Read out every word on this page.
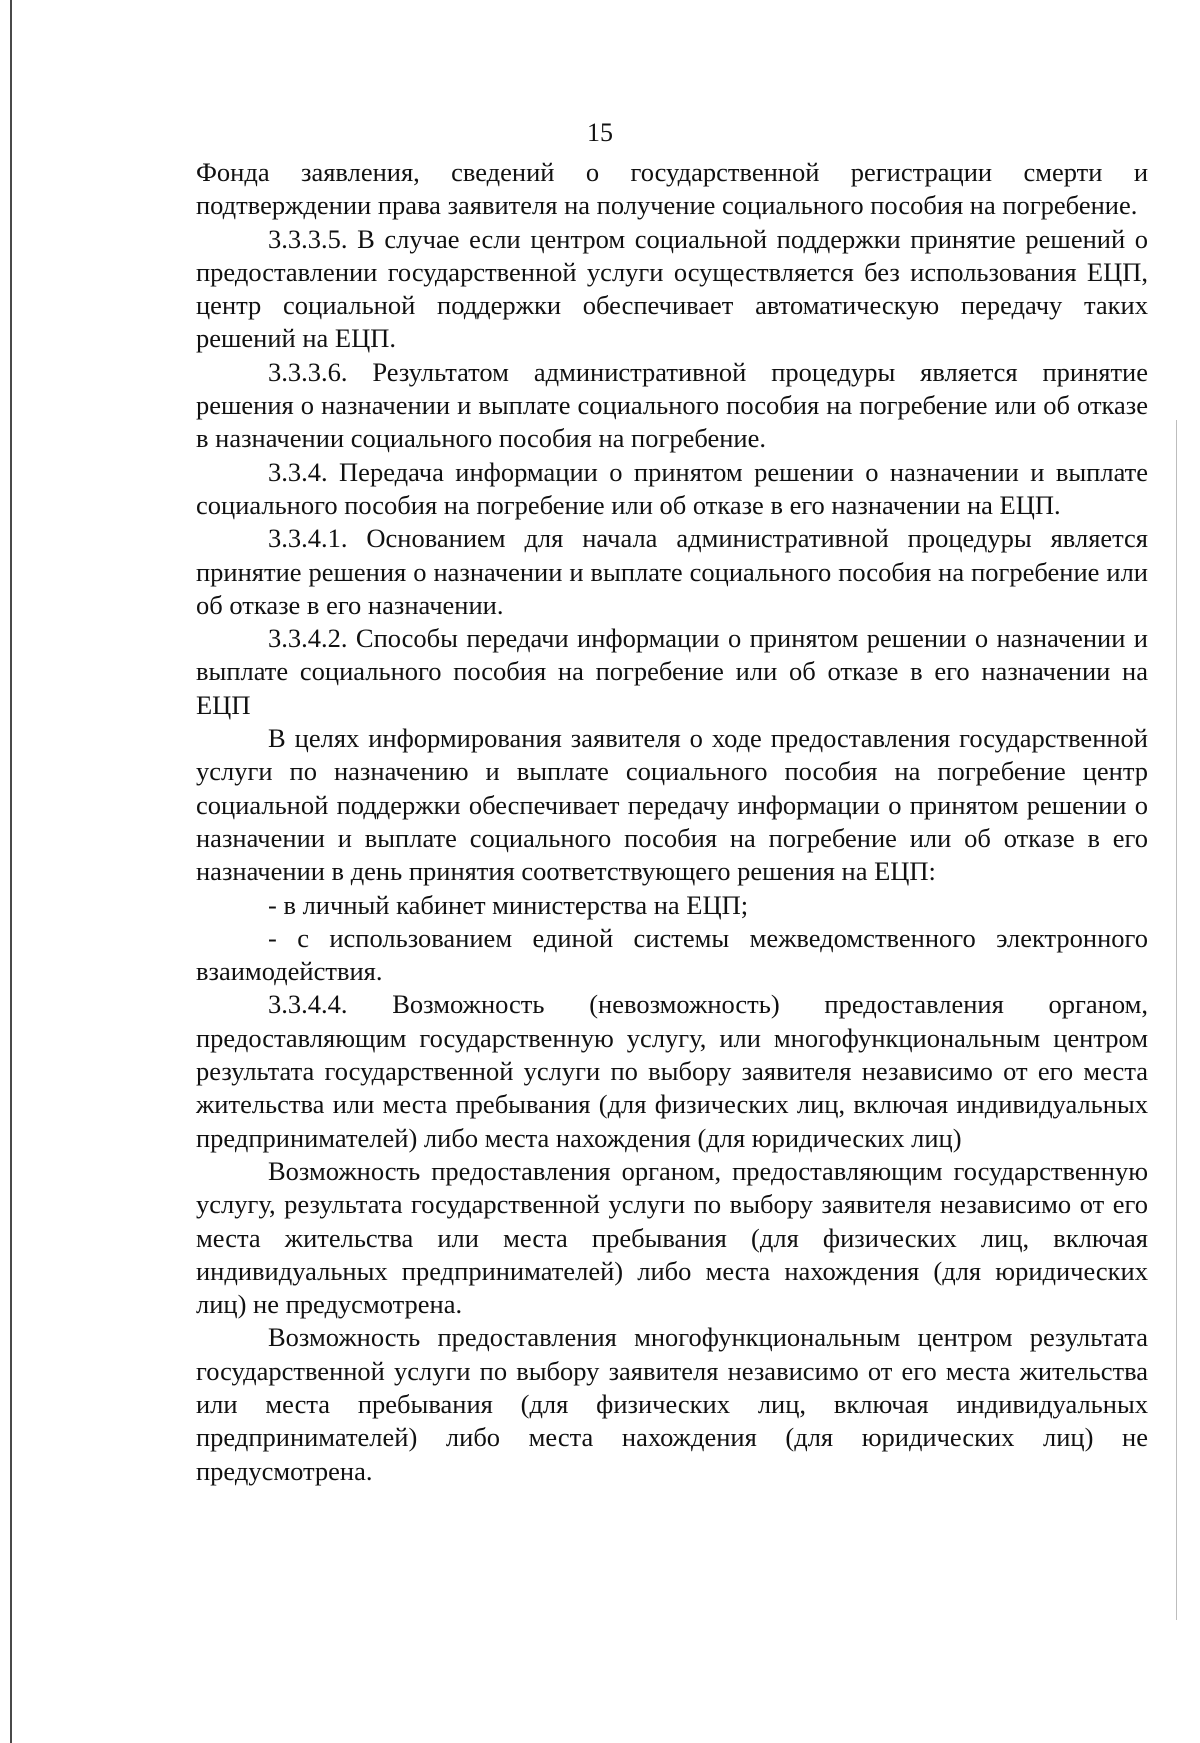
15

Фонда заявления, сведений о государственной регистрации смерти и подтверждении права заявителя на получение социального пособия на погребение.

3.3.3.5. В случае если центром социальной поддержки принятие решений о предоставлении государственной услуги осуществляется без использования ЕЦП, центр социальной поддержки обеспечивает автоматическую передачу таких решений на ЕЦП.

3.3.3.6. Результатом административной процедуры является принятие решения о назначении и выплате социального пособия на погребение или об отказе в назначении социального пособия на погребение.

3.3.4. Передача информации о принятом решении о назначении и выплате социального пособия на погребение или об отказе в его назначении на ЕЦП.

3.3.4.1. Основанием для начала административной процедуры является принятие решения о назначении и выплате социального пособия на погребение или об отказе в его назначении.

3.3.4.2. Способы передачи информации о принятом решении о назначении и выплате социального пособия на погребение или об отказе в его назначении на ЕЦП

В целях информирования заявителя о ходе предоставления государственной услуги по назначению и выплате социального пособия на погребение центр социальной поддержки обеспечивает передачу информации о принятом решении о назначении и выплате социального пособия на погребение или об отказе в его назначении в день принятия соответствующего решения на ЕЦП:

- в личный кабинет министерства на ЕЦП;

- с использованием единой системы межведомственного электронного взаимодействия.

3.3.4.4. Возможность (невозможность) предоставления органом, предоставляющим государственную услугу, или многофункциональным центром результата государственной услуги по выбору заявителя независимо от его места жительства или места пребывания (для физических лиц, включая индивидуальных предпринимателей) либо места нахождения (для юридических лиц)

Возможность предоставления органом, предоставляющим государственную услугу, результата государственной услуги по выбору заявителя независимо от его места жительства или места пребывания (для физических лиц, включая индивидуальных предпринимателей) либо места нахождения (для юридических лиц) не предусмотрена.

Возможность предоставления многофункциональным центром результата государственной услуги по выбору заявителя независимо от его места жительства или места пребывания (для физических лиц, включая индивидуальных предпринимателей) либо места нахождения (для юридических лиц) не предусмотрена.
